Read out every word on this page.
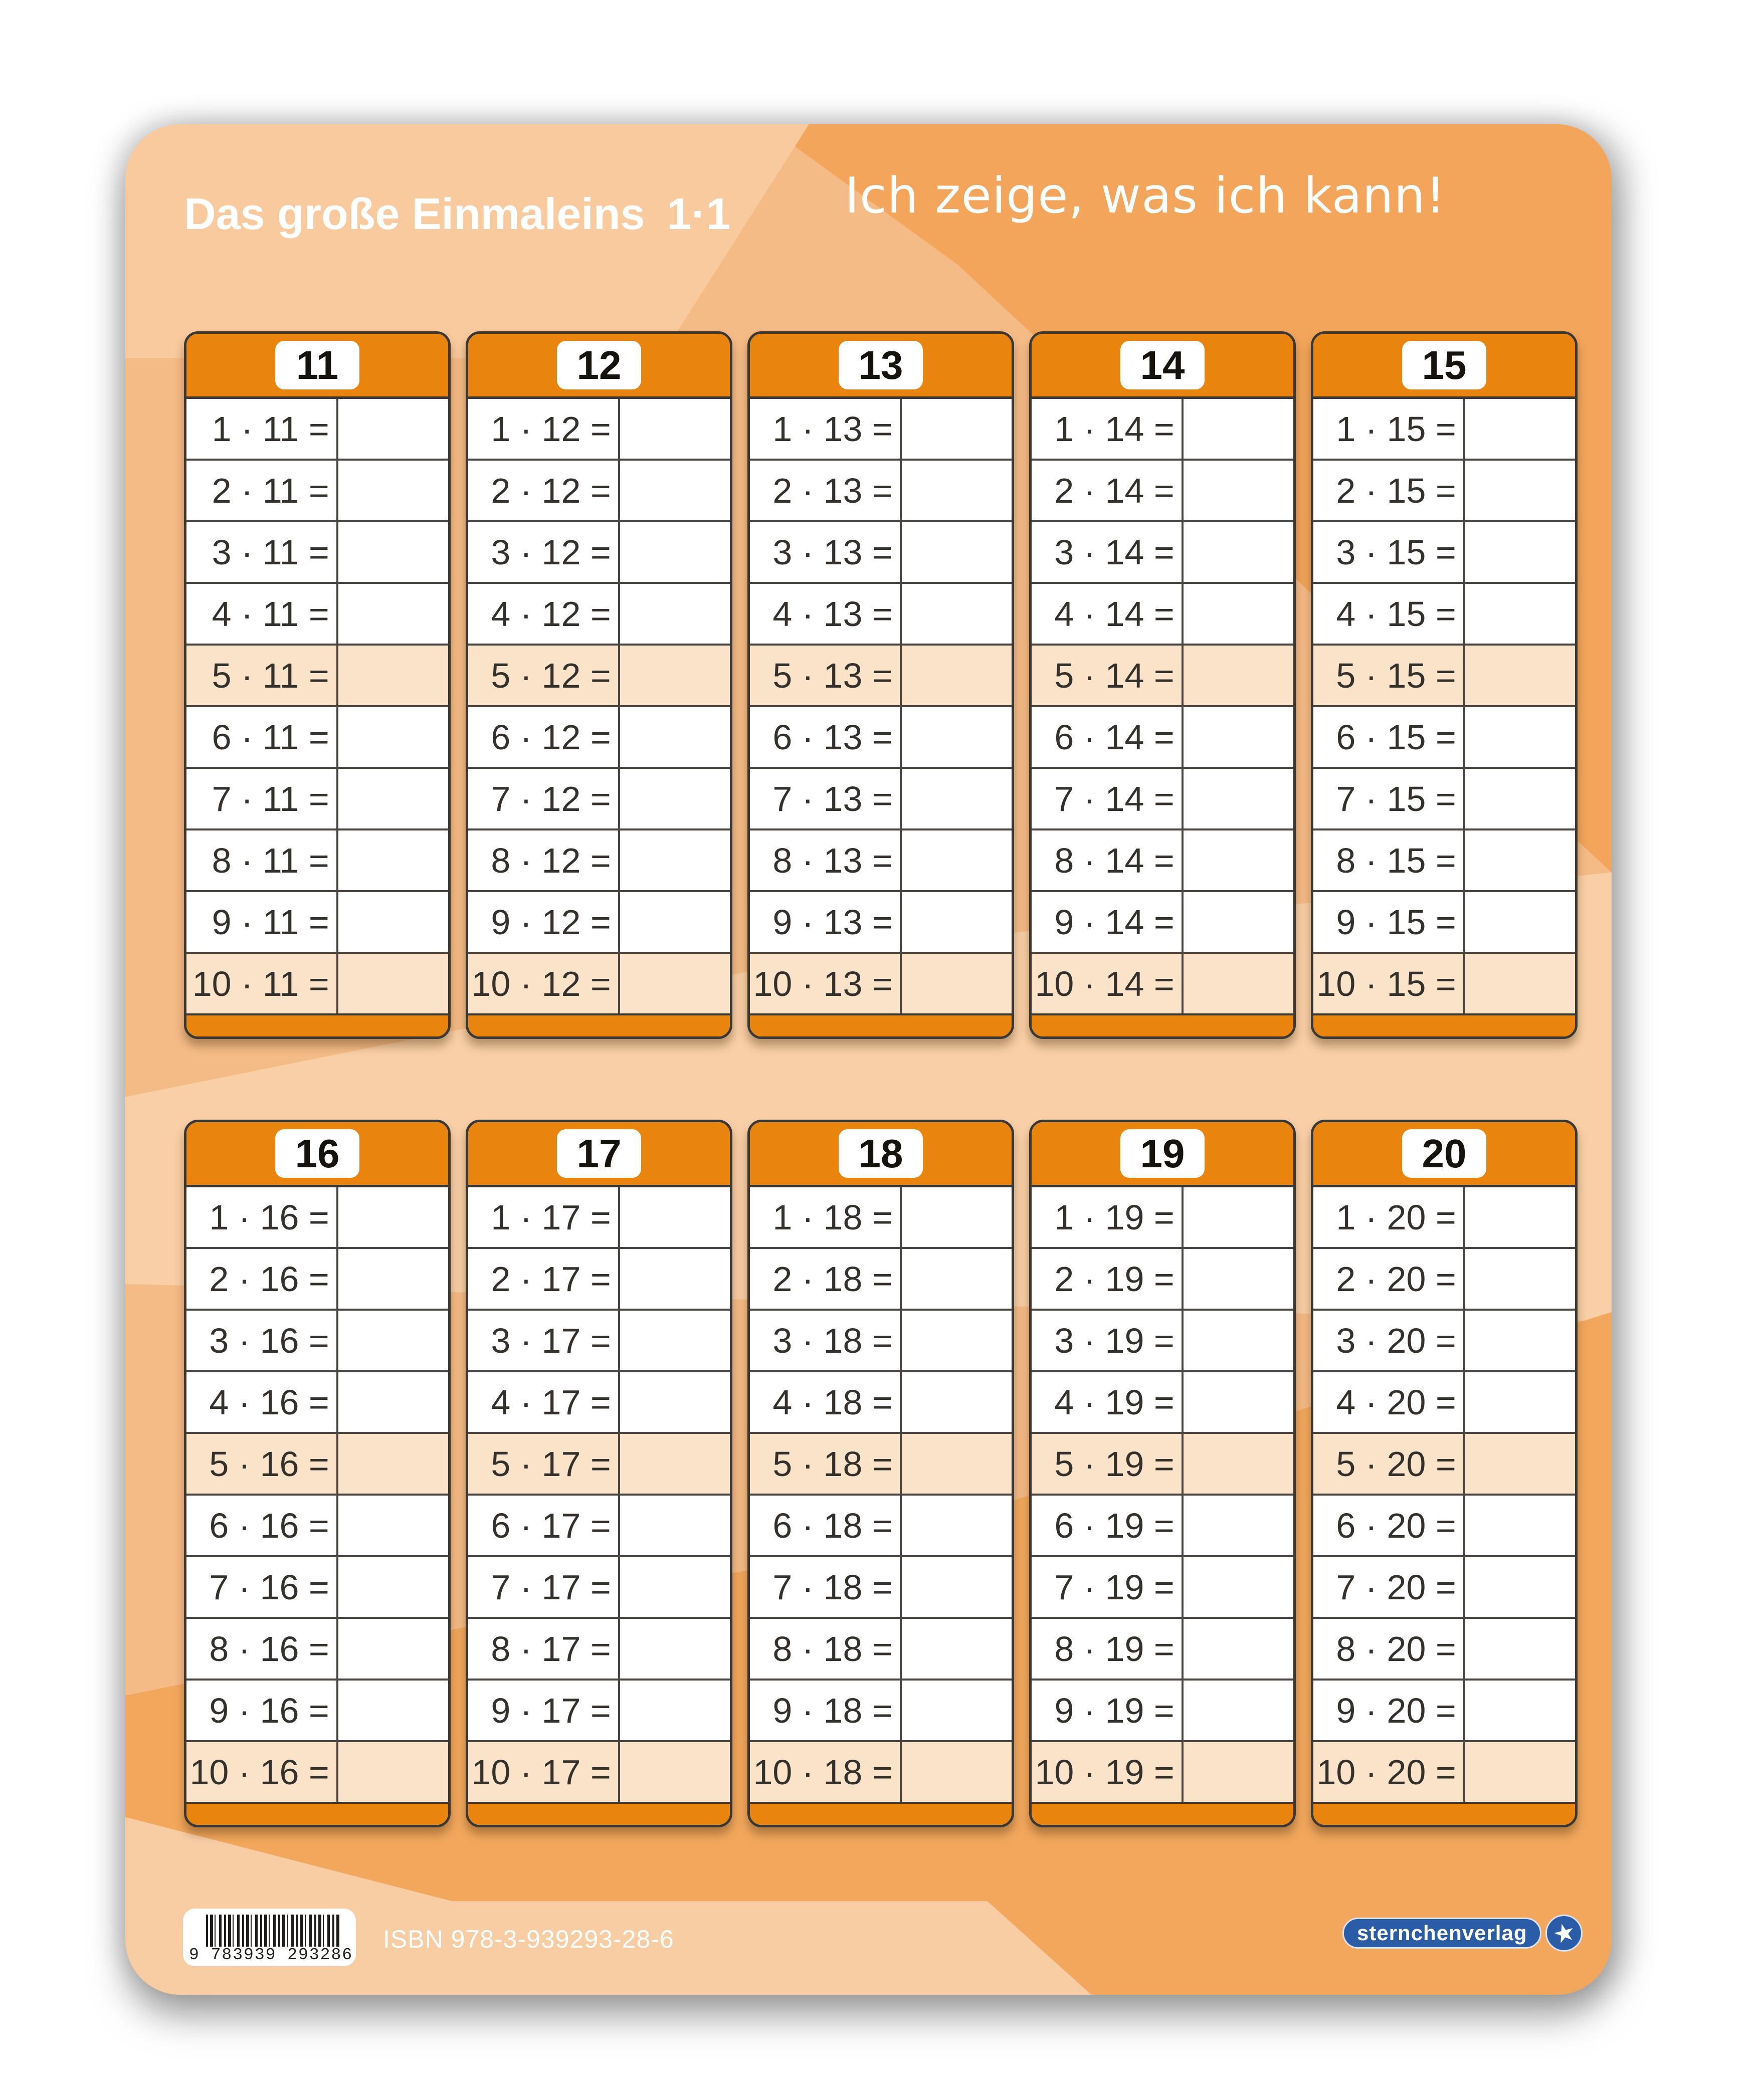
Das große Einmaleins 1·1 Ich zeige, was ich kann!
11
1 · 11 =
2 · 11 =
3 · 11 =
4 · 11 =
5 · 11 =
6 · 11 =
7 · 11 =
8 · 11 =
9 · 11 =
10 · 11 =
12
1 · 12 =
2 · 12 =
3 · 12 =
4 · 12 =
5 · 12 =
6 · 12 =
7 · 12 =
8 · 12 =
9 · 12 =
10 · 12 =
13
1 · 13 =
2 · 13 =
3 · 13 =
4 · 13 =
5 · 13 =
6 · 13 =
7 · 13 =
8 · 13 =
9 · 13 =
10 · 13 =
14
1 · 14 =
2 · 14 =
3 · 14 =
4 · 14 =
5 · 14 =
6 · 14 =
7 · 14 =
8 · 14 =
9 · 14 =
10 · 14 =
15
1 · 15 =
2 · 15 =
3 · 15 =
4 · 15 =
5 · 15 =
6 · 15 =
7 · 15 =
8 · 15 =
9 · 15 =
10 · 15 =
16
1 · 16 =
2 · 16 =
3 · 16 =
4 · 16 =
5 · 16 =
6 · 16 =
7 · 16 =
8 · 16 =
9 · 16 =
10 · 16 =
17
1 · 17 =
2 · 17 =
3 · 17 =
4 · 17 =
5 · 17 =
6 · 17 =
7 · 17 =
8 · 17 =
9 · 17 =
10 · 17 =
18
1 · 18 =
2 · 18 =
3 · 18 =
4 · 18 =
5 · 18 =
6 · 18 =
7 · 18 =
8 · 18 =
9 · 18 =
10 · 18 =
19
1 · 19 =
2 · 19 =
3 · 19 =
4 · 19 =
5 · 19 =
6 · 19 =
7 · 19 =
8 · 19 =
9 · 19 =
10 · 19 =
20
1 · 20 =
2 · 20 =
3 · 20 =
4 · 20 =
5 · 20 =
6 · 20 =
7 · 20 =
8 · 20 =
9 · 20 =
10 · 20 =
9 783939 293286
ISBN 978-3-939293-28-6	sternchenverlag ★
